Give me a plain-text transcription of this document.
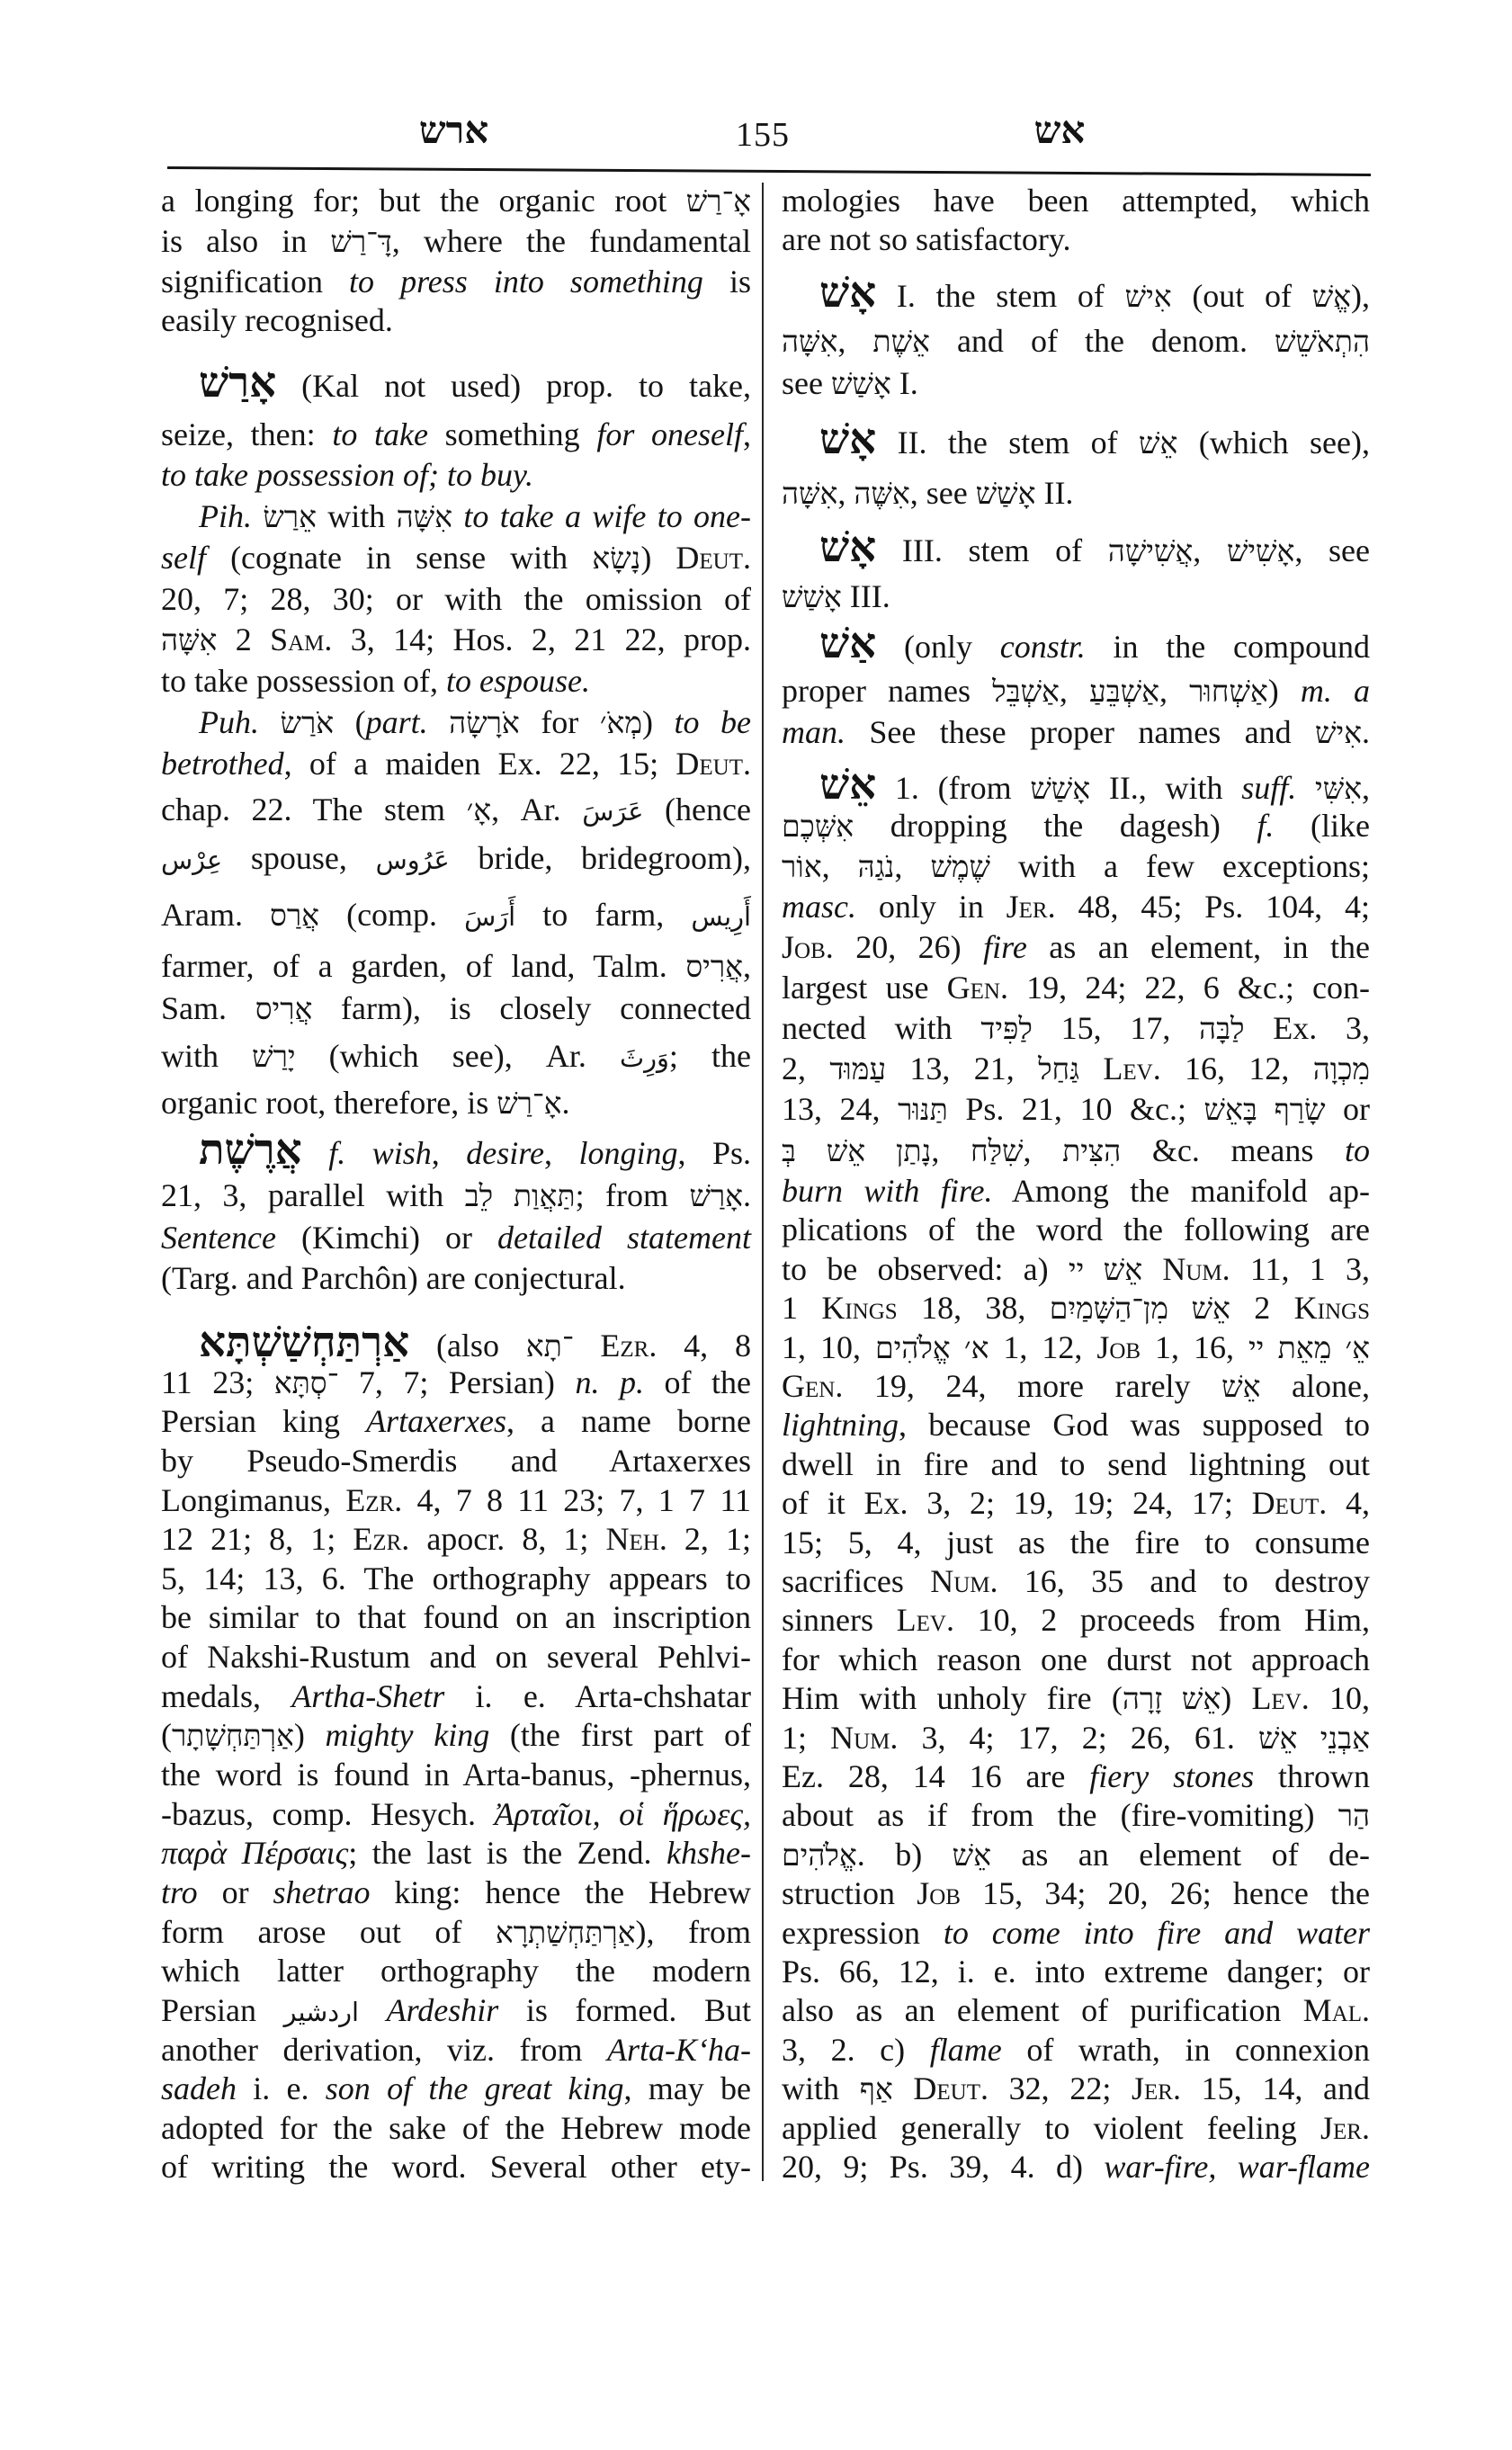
ארש	155	אש
a longing for; but the organic root אָ־רַשׁ
is also in דָּ־רַשׁ, where the fundamental
signification to press into something is
easily recognised.
אָרַשׁ (Kal not used) prop. to take,
seize, then: to take something for oneself,
to take possession of; to buy.
Pih. אֵרַשׂ with אִשָּׁה to take a wife to one-
self (cognate in sense with נָשָׂא) Deut.
20, 7; 28, 30; or with the omission of
אִשָּׁה 2 Sam. 3, 14; Hos. 2, 21 22, prop.
to take possession of, to espouse.
Puh. אֹרַשׂ (part. אֹרָשָׂה for מְאֹ׳) to be
betrothed, of a maiden Ex. 22, 15; Deut.
chap. 22. The stem אָ׳, Ar. عَرَسَ (hence
عِرْس spouse, عَرُوس bride, bridegroom),
Aram. אֲרַס (comp. أَرَسَ to farm, أَرِيس
farmer, of a garden, of land, Talm. אֲרִיס,
Sam. אֲרִיס farm), is closely connected
with יָרַשׁ (which see), Ar. وَرِثَ; the
organic root, therefore, is אָ־רַשׁ.
אֲרֶשֶׁת f. wish, desire, longing, Ps.
21, 3, parallel with תַּאֲוַת לֵב; from אָרַשׁ.
Sentence (Kimchi) or detailed statement
(Targ. and Parchôn) are conjectural.
אַרְתַּחְשַׁשְׁתָּא (also ־תָא Ezr. 4, 8
11 23; ־סְתָּא 7, 7; Persian) n. p. of the
Persian king Artaxerxes, a name borne
by Pseudo-Smerdis and Artaxerxes
Longimanus, Ezr. 4, 7 8 11 23; 7, 1 7 11
12 21; 8, 1; Ezr. apocr. 8, 1; Neh. 2, 1;
5, 14; 13, 6. The orthography appears to
be similar to that found on an inscription
of Nakshi-Rustum and on several Pehlvi-
medals, Artha-Shetr i. e. Arta-chshatar
(אַרְתַּחְשָׁתָר) mighty king (the first part of
the word is found in Arta-banus, -phernus,
-bazus, comp. Hesych. Ἀρταῖοι, οἱ ἥρωες,
παρὰ Πέρσαις; the last is the Zend. khshe-
tro or shetrao king: hence the Hebrew
form arose out of אַרְתַּחְשַׁתְרָא), from
which latter orthography the modern
Persian اردشير Ardeshir is formed. But
another derivation, viz. from Arta-Kʻha-
sadeh i. e. son of the great king, may be
adopted for the sake of the Hebrew mode
of writing the word. Several other ety-
mologies have been attempted, which
are not so satisfactory.
אָשׁ I. the stem of אִישׁ (out of אֱשׁ),
אִשָּׁה, אֵשֶׁת and of the denom. הִתְאֹשֵׁשׁ
see אָשַׁשׁ I.
אָשׁ II. the stem of אֵשׁ (which see),
אִשָּׁה, אִשֶּׁה, see אָשַׁשׁ II.
אָשׁ III. stem of אֲשִׁישָׁה, אָשִׁישׁ, see
אָשַׁשׁ III.
אַשׁ (only constr. in the compound
proper names אַשְׁבֵּל, אַשְׁבֵּעַ, אַשְׁחוּר) m. a
man. See these proper names and אִישׁ.
אֵשׁ 1. (from אָשַׁשׁ II., with suff. אִשִּׁי,
אִשְּׁכֶם dropping the dagesh) f. (like
אוֹר, נֹגַהּ, שֶׁמֶשׁ with a few exceptions;
masc. only in Jer. 48, 45; Ps. 104, 4;
Job. 20, 26) fire as an element, in the
largest use Gen. 19, 24; 22, 6 &c.; con-
nected with לַפִּיד 15, 17, לַבָּה Ex. 3,
2, עַמּוּד 13, 21, גַּחַל Lev. 16, 12, מִכְוָה
13, 24, תַּנּוּר Ps. 21, 10 &c.; שָׂרַף בָּאֵשׁ or
נָתַן אֵשׁ בְּ, שִׁלַּח, הִצִּית &c. means to
burn with fire. Among the manifold ap-
plications of the word the following are
to be observed: a) אֵשׁ יי Num. 11, 1 3,
1 Kings 18, 38, אֵשׁ מִן־הַשָּׁמַיִם 2 Kings
1, 10, א׳ אֱלֹהִים 1, 12, Job 1, 16, אֵ׳ מֵאֵת יי
Gen. 19, 24, more rarely אֵשׁ alone,
lightning, because God was supposed to
dwell in fire and to send lightning out
of it Ex. 3, 2; 19, 19; 24, 17; Deut. 4,
15; 5, 4, just as the fire to consume
sacrifices Num. 16, 35 and to destroy
sinners Lev. 10, 2 proceeds from Him,
for which reason one durst not approach
Him with unholy fire (אֵשׁ זָרָה) Lev. 10,
1; Num. 3, 4; 17, 2; 26, 61. אַבְנֵי אֵשׁ
Ez. 28, 14 16 are fiery stones thrown
about as if from the (fire-vomiting) הַר
אֱלֹהִים. b) אֵשׁ as an element of de-
struction Job 15, 34; 20, 26; hence the
expression to come into fire and water
Ps. 66, 12, i. e. into extreme danger; or
also as an element of purification Mal.
3, 2. c) flame of wrath, in connexion
with אַף Deut. 32, 22; Jer. 15, 14, and
applied generally to violent feeling Jer.
20, 9; Ps. 39, 4. d) war-fire, war-flame
